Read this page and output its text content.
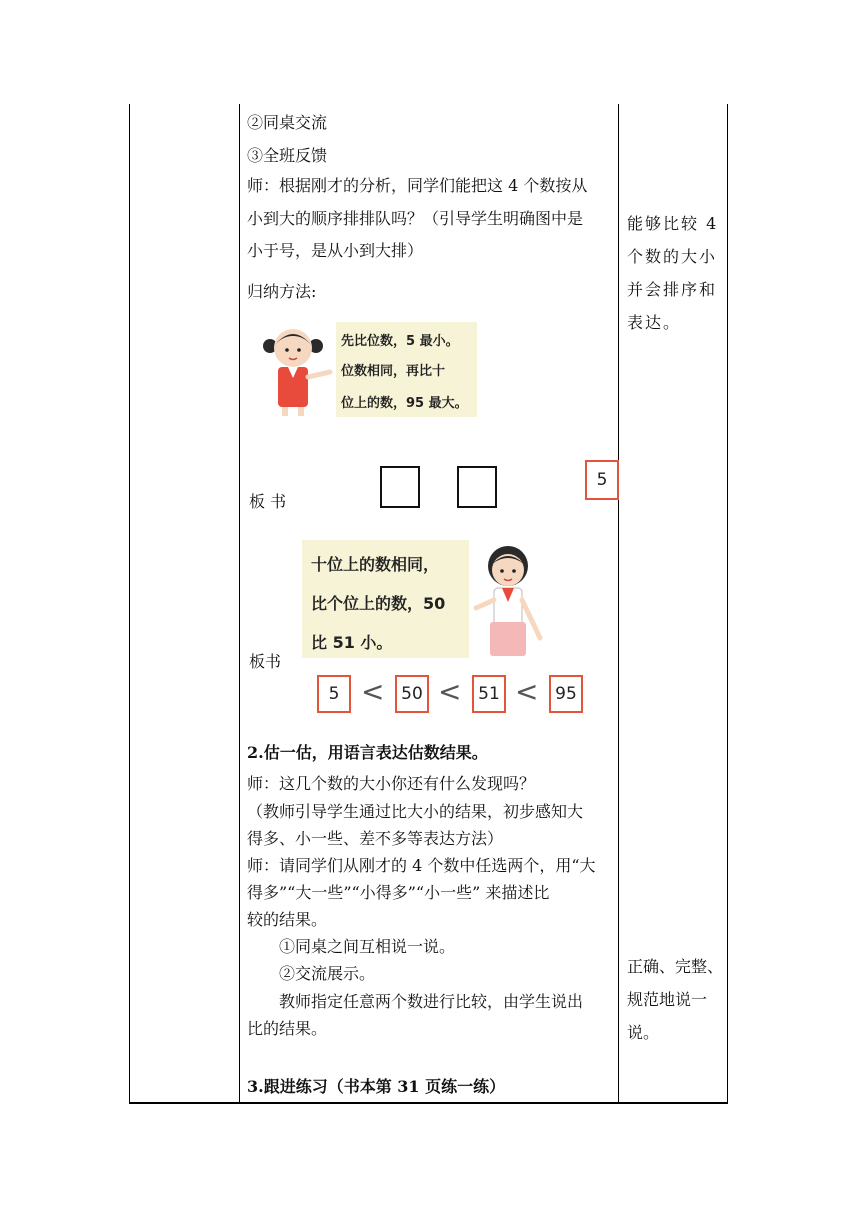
②同桌交流
③全班反馈
师：根据刚才的分析，同学们能把这 4 个数按从
小到大的顺序排排队吗？（引导学生明确图中是
小于号，是从小到大排）
归纳方法:
先比位数，5 最小。
位数相同，再比十
位上的数，95 最大。
板 书
5
十位上的数相同，
比个位上的数，50
比 51 小。
板书
5 < 50 < 51 < 95
2.估一估，用语言表达估数结果。
师：这几个数的大小你还有什么发现吗？
（教师引导学生通过比大小的结果，初步感知大
得多、小一些、差不多等表达方法）
师：请同学们从刚才的 4 个数中任选两个，用“大
得多”“大一些”“小得多”“小一些” 来描述比
较的结果。
①同桌之间互相说一说。
②交流展示。
教师指定任意两个数进行比较，由学生说出
比的结果。
3.跟进练习（书本第 31 页练一练）
能够比较 4
个数的大小
并会排序和
表达。
正确、完整、
规范地说一
说。
